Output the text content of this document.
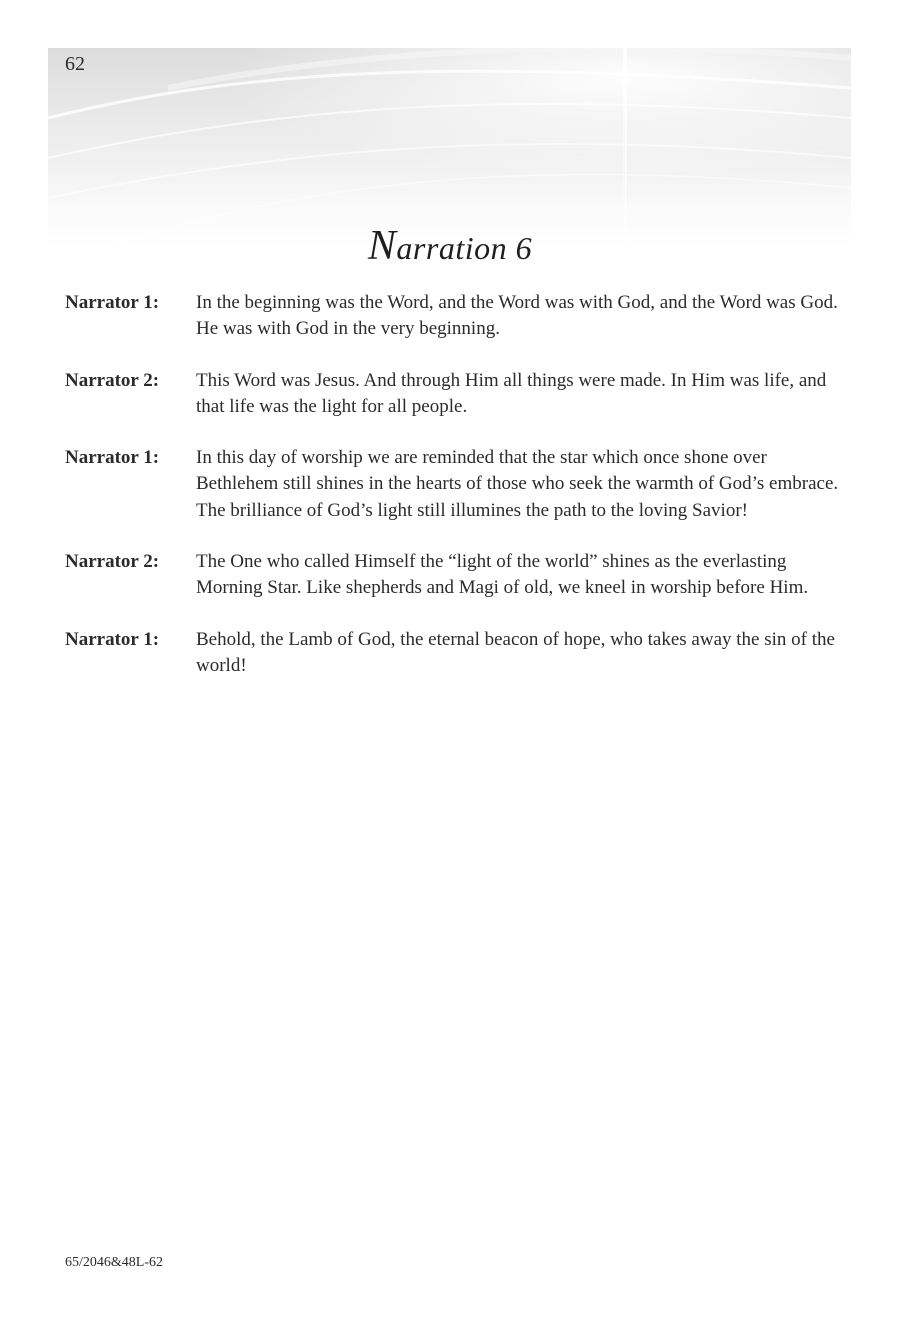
62
Narration 6
Narrator 1:	In the beginning was the Word, and the Word was with God, and the Word was God. He was with God in the very beginning.
Narrator 2:	This Word was Jesus. And through Him all things were made. In Him was life, and that life was the light for all people.
Narrator 1:	In this day of worship we are reminded that the star which once shone over Bethlehem still shines in the hearts of those who seek the warmth of God’s embrace. The brilliance of God’s light still illumines the path to the loving Savior!
Narrator 2:	The One who called Himself the “light of the world” shines as the everlasting Morning Star. Like shepherds and Magi of old, we kneel in worship before Him.
Narrator 1:	Behold, the Lamb of God, the eternal beacon of hope, who takes away the sin of the world!
65/2046&48L-62
